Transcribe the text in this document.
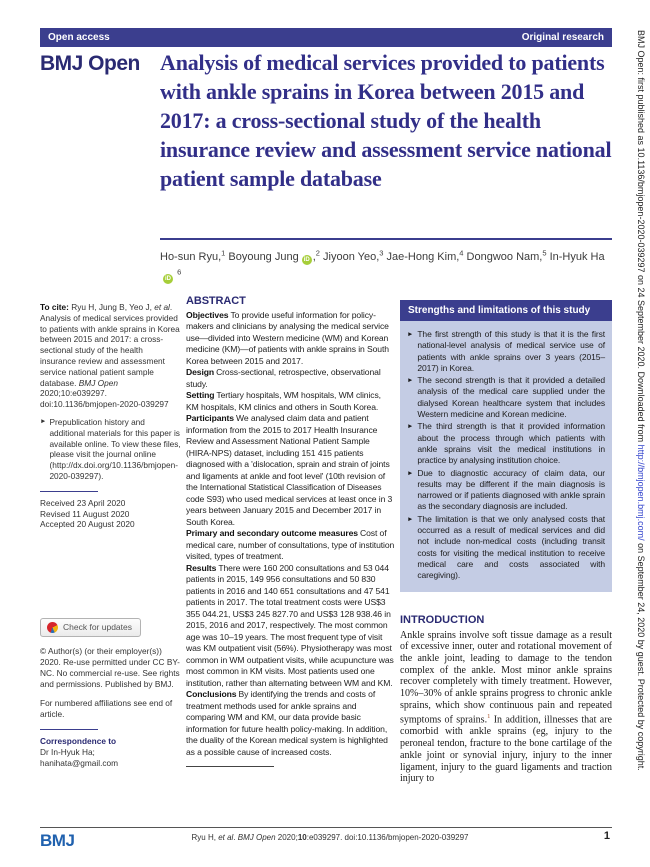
Open access	Original research
BMJ Open Analysis of medical services provided to patients with ankle sprains in Korea between 2015 and 2017: a cross-sectional study of the health insurance review and assessment service national patient sample database
Ho-sun Ryu,$^1$ Boyoung Jung iD ,$^2$ Jiyoon Yeo,$^3$ Jae-Hong Kim,$^4$ Dongwoo Nam,$^5$ In-Hyuk HaiD $^6$

To cite: Ryu H, Jung B, Yeo J, et al. Analysis of medical services provided to patients with ankle sprains in Korea between 2015 and 2017: a cross-sectional study of the health insurance review and assessment service national patient sample database. BMJ Open 2020;10:e039297. doi:10.1136/bmjopen-2020-039297

► Prepublication history and additional materials for this paper is available online. To view these files, please visit the journal online (http://dx.doi.org/10.1136/bmjopen-2020-039297).
Received 23 April 2020
Revised 11 August 2020
Accepted 20 August 2020
Check for updates

© Author(s) (or their employer(s)) 2020. Re-use permitted under CC BY-NC. No commercial re-use. See rights and permissions. Published by BMJ.

For numbered affiliations see end of article.

Correspondence to
Dr In-Hyuk Ha;
hanihata@gmail.com
ABSTRACT

Objectives To provide useful information for policy-makers and clinicians by analysing the medical service use—divided into Western medicine (WM) and Korean medicine (KM)—of patients with ankle sprains in South Korea between 2015 and 2017.

Design Cross-sectional, retrospective, observational study.

Setting Tertiary hospitals, WM hospitals, WM clinics, KM hospitals, KM clinics and others in South Korea.

Participants We analysed claim data and patient information from the 2015 to 2017 Health Insurance Review and Assessment National Patient Sample (HIRA-NPS) dataset, including 151 415 patients diagnosed with a 'dislocation, sprain and strain of joints and ligaments at ankle and foot level' (10th revision of the International Statistical Classification of Diseases code S93) who used medical services at least once in 3 years between January 2015 and December 2017 in South Korea.

Primary and secondary outcome measures Cost of medical care, number of consultations, type of institution visited, types of treatment.

Results There were 160 200 consultations and 53 044 patients in 2015, 149 956 consultations and 50 830 patients in 2016 and 140 651 consultations and 47 541 patients in 2017. The total treatment costs were US$3 355 044.21, US$3 245 827.70 and US$3 128 938.46 in 2015, 2016 and 2017, respectively. The most common age was 10–19 years. The most frequent type of visit was KM outpatient visit (56%). Physiotherapy was most common in WM outpatient visits, while acupuncture was most common in KM visits. Most patients used one institution, rather than alternating between WM and KM.

Conclusions By identifying the trends and costs of treatment methods used for ankle sprains and comparing WM and KM, our data provide basic information for future health policy-making. In addition, the duality of the Korean medical system is highlighted as a possible cause of increased costs.

Strengths and limitations of this study
► The first strength of this study is that it is the first national-level analysis of medical service use of patients with ankle sprains over 3 years (2015–2017) in Korea.
► The second strength is that it provided a detailed analysis of the medical care supplied under the dialysed Korean healthcare system that includes Western medicine and Korean medicine.
► The third strength is that it provided information about the process through which patients with ankle sprains visit the medical institutions in practice by analysing institution choice.
► Due to diagnostic accuracy of claim data, our results may be different if the main diagnosis is narrowed or if patients diagnosed with ankle sprain as the secondary diagnosis are included.
► The limitation is that we only analysed costs that occurred as a result of medical services and did not include non-medical costs (including transit costs for visiting the medical institution to receive medical care and costs associated with caregiving).
INTRODUCTION

Ankle sprains involve soft tissue damage as a result of excessive inner, outer and rotational movement of the ankle joint, leading to damage to the tendon complex of the ankle. Most minor ankle sprains recover completely with timely treatment. However, 10%–30% of ankle sprains progress to chronic ankle sprains, which show continuous pain and repeated symptoms of sprains.$^1$ In addition, illnesses that are comorbid with ankle sprains (eg, injury to the peroneal tendon, fracture to the bone cartilage of the ankle joint or synovial injury, injury to the inner ligament, injury to the guard ligaments and traction injury to

BMJ Open: first published as 10.1136/bmjopen-2020-039297 on 24 September 2020. Downloaded from http://bmjopen.bmj.com/ on September 24, 2020 by guest. Protected by copyright.
BMJ	Ryu H, et al. BMJ Open 2020;10:e039297. doi:10.1136/bmjopen-2020-039297	1
